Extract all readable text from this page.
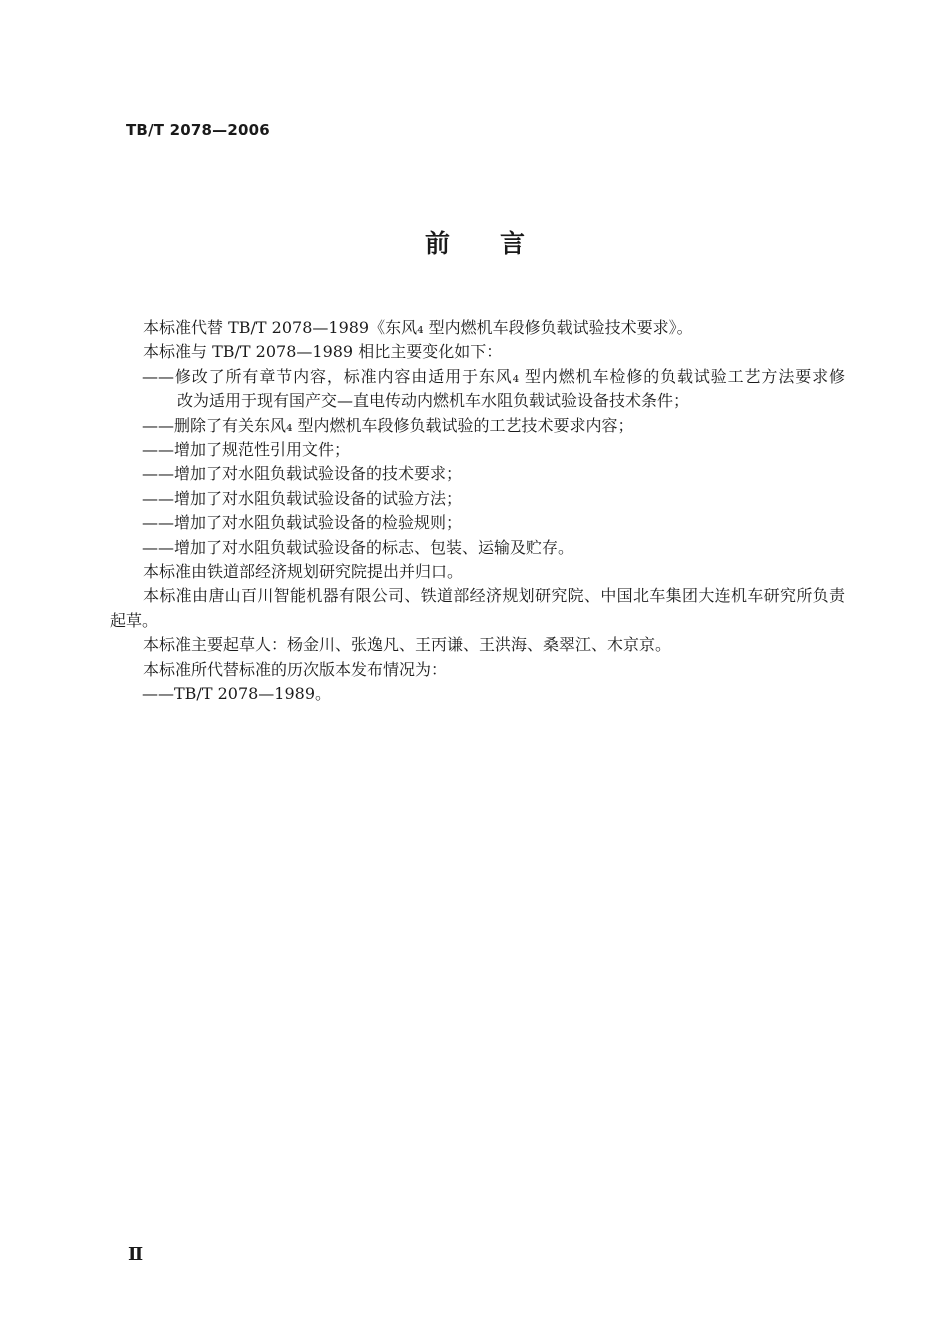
TB/T 2078—2006
前　　言

本标准代替 TB/T 2078—1989《东风₄ 型内燃机车段修负载试验技术要求》。

本标准与 TB/T 2078—1989 相比主要变化如下：

——修改了所有章节内容，标准内容由适用于东风₄ 型内燃机车检修的负载试验工艺方法要求修

改为适用于现有国产交—直电传动内燃机车水阻负载试验设备技术条件；

——删除了有关东风₄ 型内燃机车段修负载试验的工艺技术要求内容；

——增加了规范性引用文件；

——增加了对水阻负载试验设备的技术要求；

——增加了对水阻负载试验设备的试验方法；

——增加了对水阻负载试验设备的检验规则；

——增加了对水阻负载试验设备的标志、包装、运输及贮存。

本标准由铁道部经济规划研究院提出并归口。

本标准由唐山百川智能机器有限公司、铁道部经济规划研究院、中国北车集团大连机车研究所负责

起草。

本标准主要起草人：杨金川、张逸凡、王丙谦、王洪海、桑翠江、木京京。

本标准所代替标准的历次版本发布情况为：

——TB/T 2078—1989。

Ⅱ
